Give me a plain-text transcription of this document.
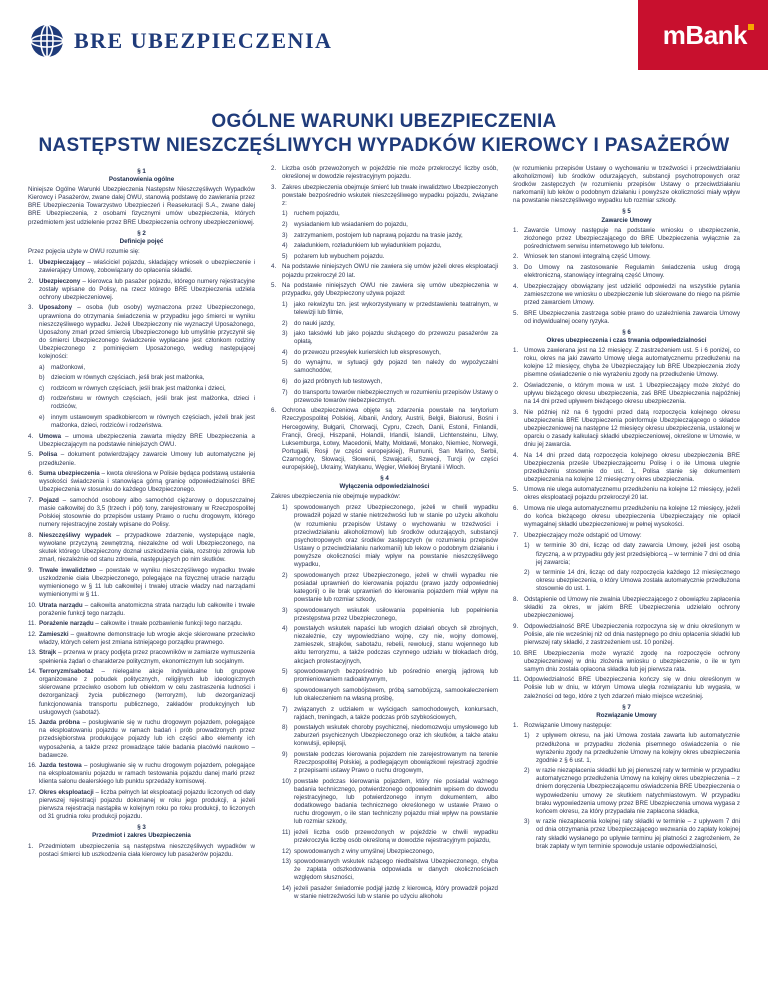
BRE UBEZPIECZENIA	mBank
OGÓLNE WARUNKI UBEZPIECZENIA
NASTĘPSTW NIESZCZĘŚLIWYCH WYPADKÓW KIEROWCY I PASAŻERÓW
§ 1
Postanowienia ogólne
Niniejsze Ogólne Warunki Ubezpieczenia Następstw Nieszczęśliwych Wypadków Kierowcy i Pasażerów, zwane dalej OWU, stanowią podstawę do zawierania przez BRE Ubezpieczenia Towarzystwo Ubezpieczeń i Reasekuracji S.A., zwane dalej BRE Ubezpieczenia, z osobami fizycznymi umów ubezpieczenia, których przedmiotem jest udzielenie przez BRE Ubezpieczenia ochrony ubezpieczeniowej.
§ 2
Definicje pojęć
Przez pojęcia użyte w OWU rozumie się:
1. Ubezpieczający – właściciel pojazdu, składający wniosek o ubezpieczenie i zawierający Umowę, zobowiązany do opłacenia składki.
2. Ubezpieczony – kierowca lub pasażer pojazdu, którego numery rejestracyjne zostały wpisane do Polisy, na rzecz którego BRE Ubezpieczenia udziela ochrony ubezpieczeniowej.
3. Uposażony – osoba (lub osoby) wyznaczona przez Ubezpieczonego, uprawniona do otrzymania świadczenia w przypadku jego śmierci w wyniku nieszczęśliwego wypadku. Jeżeli Ubezpieczony nie wyznaczył Uposażonego, Uposażony zmarł przed śmiercią Ubezpieczonego lub umyślnie przyczynił się do śmierci Ubezpieczonego świadczenie wypłacane jest członkom rodziny Ubezpieczonego z pominięciem Uposażonego, według następującej kolejności:
a)	małżonkowi,
b)	dzieciom w równych częściach, jeśli brak jest małżonka,
c)	rodzicom w równych częściach, jeśli brak jest małżonka i dzieci,
d)	rodzeństwu w równych częściach, jeśli brak jest małżonka, dzieci i rodziców,
e)	innym ustawowym spadkobiercom w równych częściach, jeżeli brak jest małżonka, dzieci, rodziców i rodzeństwa.
4. Umowa – umowa ubezpieczenia zawarta między BRE Ubezpieczenia a Ubezpieczającym na podstawie niniejszych OWU.
5. Polisa – dokument potwierdzający zawarcie Umowy lub automatyczne jej przedłużenie.
6. Suma ubezpieczenia – kwota określona w Polisie będąca podstawą ustalenia wysokości świadczenia i stanowiąca górną granicę odpowiedzialności BRE Ubezpieczenia w stosunku do każdego Ubezpieczonego.
7. Pojazd – samochód osobowy albo samochód ciężarowy o dopuszczalnej masie całkowitej do 3,5 (trzech i pół) tony, zarejestrowany w Rzeczpospolitej Polskiej stosownie do przepisów ustawy Prawo o ruchu drogowym, którego numery rejestracyjne zostały wpisane do Polisy.
8. Nieszczęśliwy wypadek – przypadkowe zdarzenie, wystepujące nagle, wywołane przyczyną zewnętrzną, niezależne od woli Ubezpieczonego, na skutek którego Ubezpieczony doznał uszkodzenia ciała, rozstroju zdrowia lub zmarł, niezależnie od stanu zdrowia, następujących po nim skutków.
9. Trwałe inwalidztwo – powstałe w wyniku nieszczęśliwego wypadku trwałe uszkodzenie ciała Ubezpieczonego, polegające na fizycznej utracie narządu wymienionego w § 11 lub całkowitej i trwałej utracie władzy nad narządami wymienionymi w § 11.
10. Utrata narządu – całkowita anatomiczna strata narządu lub całkowite i trwałe porażenie funkcji tego narządu.
11. Porażenie narządu – całkowite i trwałe pozbawienie funkcji tego narządu.
12. Zamieszki – gwałtowne demonstracje lub wrogie akcje skierowane przeciwko władzy, których celem jest zmiana istniejącego porządku prawnego.
13. Strajk – przerwa w pracy podjęta przez pracowników w zamiarze wymuszenia spełnienia żądań o charakterze politycznym, ekonomicznym lub socjalnym.
14. Terroryzm/sabotaż – nielegalne akcje indywidualne lub grupowe organizowane z pobudek politycznych, religijnych lub ideologicznych skierowane przeciwko osobom lub obiektom w celu zastraszenia ludności i dezorganizacji życia publicznego (terroryzm), lub dezorganizacji funkcjonowania transportu publicznego, zakładów produkcyjnych lub usługowych (sabotaż).
15. Jazda próbna – posługiwanie się w ruchu drogowym pojazdem, polegające na eksploatowaniu pojazdu w ramach badań i prób prowadzonych przez przedsiębiorstwa produkujące pojazdy lub ich części albo elementy ich wyposażenia, a także przez prowadzące takie badania placówki naukowo – badawcze.
16. Jazda testowa – posługiwanie się w ruchu drogowym pojazdem, polegające na eksploatowaniu pojazdu w ramach testowania pojazdu danej marki przez klienta salonu dealerskiego lub punktu sprzedaży komisowej.
17. Okres eksploatacji – liczba pełnych lat eksploatacji pojazdu liczonych od daty pierwszej rejestracji pojazdu dokonanej w roku jego produkcji, a jeżeli pierwsza rejestracja nastąpiła w kolejnym roku po roku produkcji, to liczonych od 31 grudnia roku produkcji pojazdu.
§ 3
Przedmiot i zakres Ubezpieczenia
1. Przedmiotem ubezpieczenia są następstwa nieszczęśliwych wypadków w postaci śmierci lub uszkodzenia ciała kierowcy lub pasażerów pojazdu.
2. Liczba osób przewożonych w pojeździe nie może przekroczyć liczby osób, określonej w dowodzie rejestracyjnym pojazdu.
3. Zakres ubezpieczenia obejmuje śmierć lub trwałe inwalidztwo Ubezpieczonych powstałe bezpośrednio wskutek nieszczęśliwego wypadku pojazdu, związane z:
1)	ruchem pojazdu,
2)	wysiadaniem lub wsiadaniem do pojazdu,
3)	zatrzymaniem, postojem lub naprawą pojazdu na trasie jazdy,
4)	załadunkiem, rozładunkiem lub wyładunkiem pojazdu,
5)	pożarem lub wybuchem pojazdu.
4. Na podstawie niniejszych OWU nie zawiera się umów jeżeli okres eksploatacji pojazdu przekroczył 20 lat.
5. Na podstawie niniejszych OWU nie zawiera się umów ubezpieczenia w przypadku, gdy Ubezpieczony używa pojazd:
1)	jako rekwizytu tzn. jest wykorzystywany w przedstawieniu teatralnym, w telewizji lub filmie,
2)	do nauki jazdy,
3)	jako taksówki lub jako pojazdu służącego do przewozu pasażerów za opłatą,
4)	do przewozu przesyłek kurierskich lub ekspresowych,
5)	do wynajmu, w sytuacji gdy pojazd ten należy do wypożyczalni samochodów,
6)	do jazd próbnych lub testowych,
7)	do transportu towarów niebezpiecznych w rozumieniu przepisów Ustawy o przewozie towarów niebezpiecznych.
6. Ochrona ubezpieczeniowa objęte są zdarzenia powstałe na terytorium Rzeczypospolitej Polskiej, Albanii, Andory, Austrii, Belgii, Białorusi, Bośni i Hercegowiny, Bułgarii, Chorwacji, Cypru, Czech, Danii, Estonii, Finlandii, Francji, Grecji, Hiszpanii, Holandii, Irlandii, Islandii, Lichtensteinu, Litwy, Luksemburga, Łotwy, Macedonii, Malty, Mołdawii, Monako, Niemiec, Norwegii, Portugalii, Rosji (w części europejskiej), Rumunii, San Marino, Serbii, Czarnogóry, Słowacji, Słowenii, Szwajcarii, Szwecji, Turcji (w części europejskiej), Ukrainy, Watykanu, Węgier, Wielkiej Brytanii i Włoch.
§ 4
Wyłączenia odpowiedzialności
Zakres ubezpieczenia nie obejmuje wypadków:
1)	spowodowanych przez Ubezpieczonego, jeżeli w chwili wypadku prowadził pojazd w stanie nietrzeźwości lub w stanie po użyciu alkoholu (w rozumieniu przepisów Ustawy o wychowaniu w trzeźwości i przeciwdziałaniu alkoholizmowi) lub środków odurzających, substancji psychotropowych oraz środków zastępczych (w rozumieniu przepisów Ustawy o przeciwdziałaniu narkomanii) lub lekow o podobnym działaniu i powyższe okoliczności miały wpływ na powstanie nieszczęśliwego wypadku,
2)	spowodowanych przez Ubezpieczonego, jeżeli w chwili wypadku nie posiadał uprawnień do kierowania pojazdu (prawo jazdy odpowiedniej kategorii) o ile brak uprawnień do kierowania pojazdem miał wpływ na powstanie lub rozmiar szkody,
3)	spowodowanych wskutek usiłowania popełnienia lub popełnienia przestępstwa przez Ubezpieczonego,
4)	powstałych wskutek napaści lub wrogich działań obcych sił zbrojnych, niezależnie, czy wypowiedziano wojnę, czy nie, wojny domowej, zamieszek, strajków, sabotażu, rebelii, rewolucji, stanu wojennego lub aktu terroryzmu, a także podczas czynnego udziału w blokadach dróg, akcjach protestacyjnych,
5)	spowodowanych bezpośrednio lub pośrednio energią jądrową lub promieniowaniem radioaktywnym,
6)	spowodowanych samobójstwem, próbą samobójczą, samookaleczeniem lub okaleczeniem na własną prośbę,
7)	związanych z udziałem w wyścigach samochodowych, konkursach, rajdach, treningach, a także podczas prób szybkościowych,
8)	powstałych wskutek choroby psychicznej, niedomozwoju umysłowego lub zaburzeń psychicznych Ubezpieczonego oraz ich skutków, a także ataku konwulsji, epilepsji,
9)	powstałe podczas kierowania pojazdem nie zarejestrowanym na terenie Rzeczpospolitej Polskiej, a podlegającym obowiązkowi rejestracji zgodnie z przepisami ustawy Prawo o ruchu drogowym,
10) powstałe podczas kierowania pojazdem, który nie posiadał ważnego badania technicznego, potwierdzonego odpowiednim wpisem do dowodu rejestracyjnego, lub potwierdzonego innym dokumentem, albo dodatkowego badania technicznego określonego w ustawie Prawo o ruchu drogowym, o ile stan techniczny pojazdu miał wpływ na powstanie lub rozmiar szkody,
11) jeżeli liczba osób przewożonych w pojeździe w chwili wypadku przekroczyła liczbę osób określoną w dowodzie rejestracyjnym pojazdu,
12) spowodowanych z winy umyślnej Ubezpieczonego,
13) spowodowanych wskutek rażącego niedbalstwa Ubezpieczonego, chyba że zapłata odszkodowania odpowiada w danych okolicznościach względom słuszności,
14) jeżeli pasażer świadomie podjął jazdę z kierowcą, który prowadził pojazd w stanie nietrzeźwości lub w stanie po użyciu alkoholu
(w rozumieniu przepisów Ustawy o wychowaniu w trzeźwości i przeciwdziałaniu alkoholizmowi) lub środków odurzających, substancji psychotropowych oraz środków zastępczych (w rozumieniu przepisów Ustawy o przeciwdziałaniu narkomanii) lub leków o podobnym działaniu i powyższe okoliczności miały wpływ na powstanie nieszczęśliwego wypadku lub rozmiar szkody.
§ 5
Zawarcie Umowy
1. Zawarcie Umowy następuje na podstawie wniosku o ubezpieczenie, złożonego przez Ubezpieczającego do BRE Ubezpieczenia wyłącznie za pośrednictwem serwisu internetowego lub telefonu.
2. Wniosek ten stanowi integralną część Umowy.
3. Do Umowy na zastosowanie Regulamin świadczenia usług drogą elektroniczną, stanowiący integralną część Umowy.
4. Ubezpieczający obowiązany jest udzielić odpowiedzi na wszystkie pytania zamieszczone we wniosku o ubezpieczenie lub skierowane do niego na piśmie przed zawarciem Umowy.
5. BRE Ubezpieczenia zastrzega sobie prawo do uzależnienia zawarcia Umowy od indywidualnej oceny ryzyka.
§ 6
Okres ubezpieczenia i czas trwania odpowiedzialności
1. Umowa zawierana jest na 12 miesięcy. Z zastrzeżeniem ust. 5 i 6 poniżej, co roku, okres na jaki zawarto Umowę ulega automatycznemu przedłużeniu na kolejne 12 miesięcy, chyba że Ubezpieczający lub BRE Ubezpieczenia złoży pisemne oświadczenie o nie wyrażeniu zgody na przedłużenie Umowy.
2. Oświadczenie, o którym mowa w ust. 1 Ubezpieczający może złożyć do upływu bieżącego okresu ubezpieczenia, zaś BRE Ubezpieczenia najpóźniej na 14 dni przed upływem bieżącego okresu ubezpieczenia.
3. Nie później niż na 6 tygodni przed datą rozpoczęcia kolejnego okresu ubezpieczenia BRE Ubezpieczenia poinformuje Ubezpieczającego o składce ubezpieczeniowej na następne 12 miesięcy okresu ubezpieczenia, ustalonej w oparciu o zasady kalkulacji składki ubezpieczeniowej, określone w Umowie, w dniu jej zawarcia.
4. Na 14 dni przed datą rozpoczęcia kolejnego okresu ubezpieczenia BRE Ubezpieczenia prześle Ubezpieczającemu Polisę i o ile Umowa ulegnie przedłużeniu stosownie do ust. 1, Polisa stanie się dokumentem ubezpieczenia na kolejne 12 miesięczny okres ubezpieczenia.
5. Umowa nie ulega automatycznemu przedłużeniu na kolejne 12 miesięcy, jeżeli okres eksploatacji pojazdu przekroczył 20 lat.
6. Umowa nie ulega automatycznemu przedłużeniu na kolejne 12 miesięcy, jeżeli do końca bieżącego okresu ubezpieczenia Ubezpieczający nie opłacił wymagalnej składki ubezpieczeniowej w pełnej wysokości.
7. Ubezpieczający może odstąpić od Umowy:
1)	w terminie 30 dni, licząc od daty zawarcia Umowy, jeżeli jest osobą fizyczną, a w przypadku gdy jest przedsiębiorcą – w terminie 7 dni od dnia jej zawarcia;
2)	w terminie 14 dni, licząc od daty rozpoczęcia każdego 12 miesięcznego okresu ubezpieczenia, o który Umowa została automatycznie przedłużona stosownie do ust. 1.
8. Odstąpienie od Umowy nie zwalnia Ubezpieczającego z obowiązku zapłacenia składki za okres, w jakim BRE Ubezpieczenia udzielało ochrony ubezpieczeniowej.
9. Odpowiedzialność BRE Ubezpieczenia rozpoczyna się w dniu określonym w Polisie, ale nie wcześniej niż od dnia następnego po dniu opłacenia składki lub pierwszej raty składki, z zastrzeżeniem ust. 10 poniżej.
10. BRE Ubezpieczenia może wyrazić zgodę na rozpoczęcie ochrony ubezpieczeniowej w dniu złożenia wniosku o ubezpieczenie, o ile w tym samym dniu została opłacona składka lub jej pierwsza rata.
11. Odpowiedzialność BRE Ubezpieczenia kończy się w dniu określonym w Polisie lub w dniu, w którym Umowa uległa rozwiązaniu lub wygasła, w zależności od tego, które z tych zdarzeń miało miejsce wcześniej.
§ 7
Rozwiązanie Umowy
1. Rozwiązanie Umowy następuje:
1)	z upływem okresu, na jaki Umowa została zawarta lub automatycznie przedłużona w przypadku złożenia pisemnego oświadczenia o nie wyrażeniu zgody na przedłużenie Umowy na kolejny okres ubezpieczenia zgodnie z § 6 ust. 1,
2)	w razie niezapłacenia składki lub jej pierwszej raty w terminie w przypadku automatycznego przedłużenia Umowy na kolejny okres ubezpieczenia – z dniem doręczenia Ubezpieczającemu oświadczenia BRE Ubezpieczenia o wypowiedzeniu umowy ze skutkiem natychmiastowym. W przypadku braku wypowiedzenia umowy przez BRE Ubezpieczenia umowa wygasa z końcem okresu, za który przypadała nie zapłacona składka,
3)	w razie niezapłacenia kolejnej raty składki w terminie – z upływem 7 dni od dnia otrzymania przez Ubezpieczającego wezwania do zapłaty kolejnej raty składki wysłanego po upływie terminu jej płatności z zagrożeniem, że brak zapłaty w tym terminie spowoduje ustanie odpowiedzialności,
